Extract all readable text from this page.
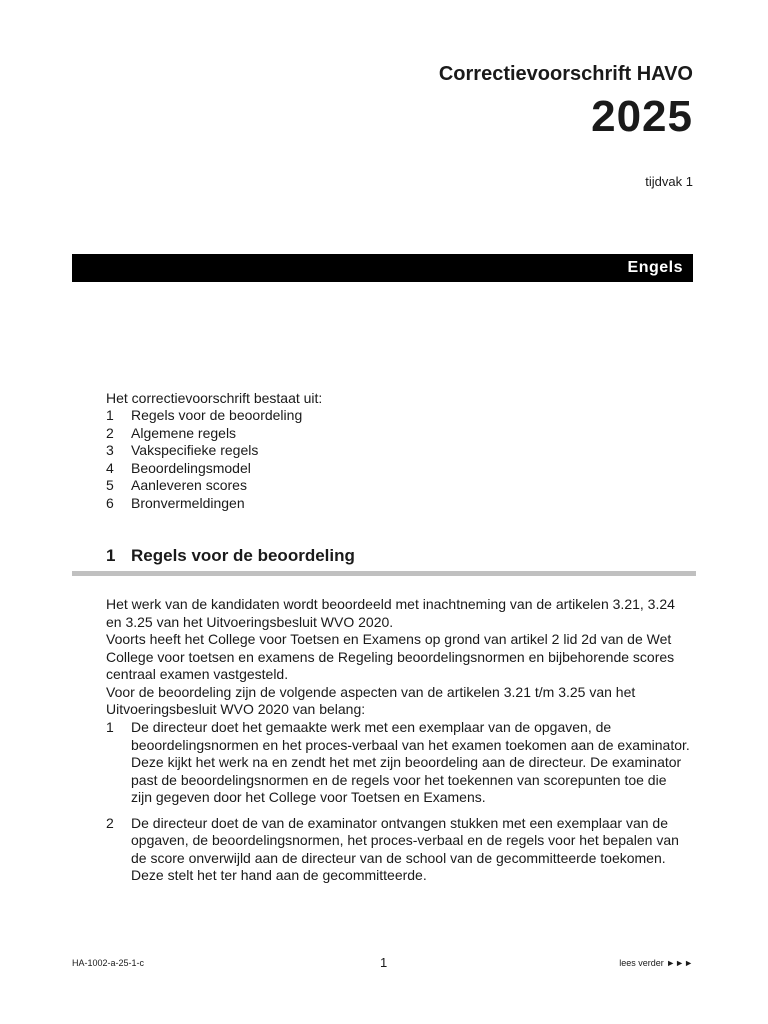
Correctievoorschrift HAVO
2025
tijdvak 1
Engels
Het correctievoorschrift bestaat uit:
1	Regels voor de beoordeling
2	Algemene regels
3	Vakspecifieke regels
4	Beoordelingsmodel
5	Aanleveren scores
6	Bronvermeldingen
1 Regels voor de beoordeling

Het werk van de kandidaten wordt beoordeeld met inachtneming van de artikelen 3.21, 3.24 en 3.25 van het Uitvoeringsbesluit WVO 2020.

Voorts heeft het College voor Toetsen en Examens op grond van artikel 2 lid 2d van de Wet College voor toetsen en examens de Regeling beoordelingsnormen en bijbehorende scores centraal examen vastgesteld.

Voor de beoordeling zijn de volgende aspecten van de artikelen 3.21 t/m 3.25 van het Uitvoeringsbesluit WVO 2020 van belang:

1	De directeur doet het gemaakte werk met een exemplaar van de opgaven, de beoordelingsnormen en het proces-verbaal van het examen toekomen aan de examinator. Deze kijkt het werk na en zendt het met zijn beoordeling aan de directeur. De examinator past de beoordelingsnormen en de regels voor het toekennen van scorepunten toe die zijn gegeven door het College voor Toetsen en Examens.
2	De directeur doet de van de examinator ontvangen stukken met een exemplaar van de opgaven, de beoordelingsnormen, het proces-verbaal en de regels voor het bepalen van de score onverwijld aan de directeur van de school van de gecommitteerde toekomen. Deze stelt het ter hand aan de gecommitteerde.
HA-1002-a-25-1-c	1	lees verder ►►►
